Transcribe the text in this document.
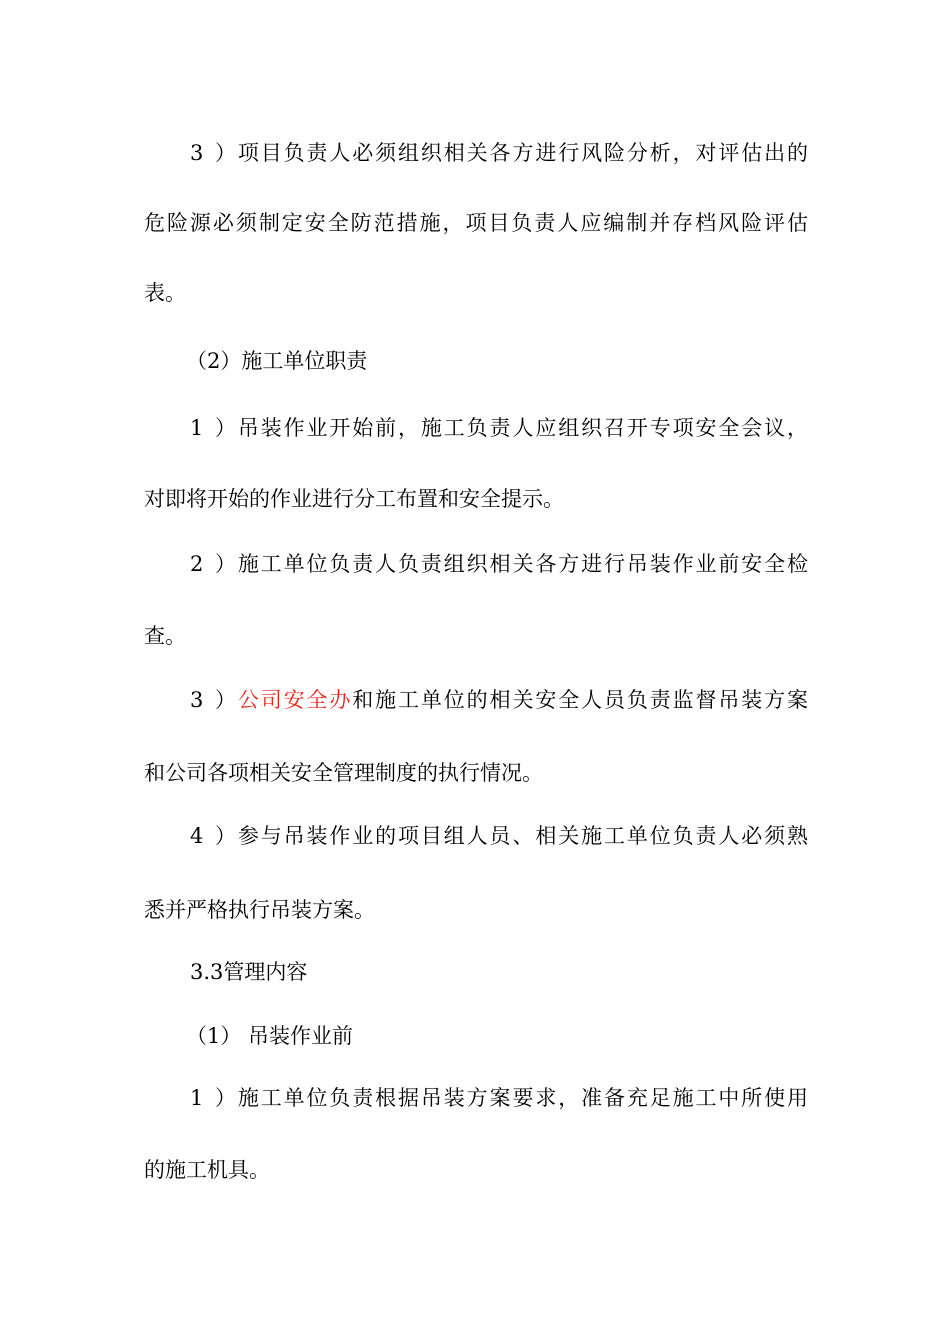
3）项目负责人必须组织相关各方进行风险分析，对评估出的
危险源必须制定安全防范措施，项目负责人应编制并存档风险评估
表。
（2）施工单位职责
1）吊装作业开始前，施工负责人应组织召开专项安全会议，
对即将开始的作业进行分工布置和安全提示。
2）施工单位负责人负责组织相关各方进行吊装作业前安全检
查。
3）公司安全办和施工单位的相关安全人员负责监督吊装方案
和公司各项相关安全管理制度的执行情况。
4）参与吊装作业的项目组人员、相关施工单位负责人必须熟
悉并严格执行吊装方案。
3.3管理内容
（1） 吊装作业前
1）施工单位负责根据吊装方案要求，准备充足施工中所使用
的施工机具。
